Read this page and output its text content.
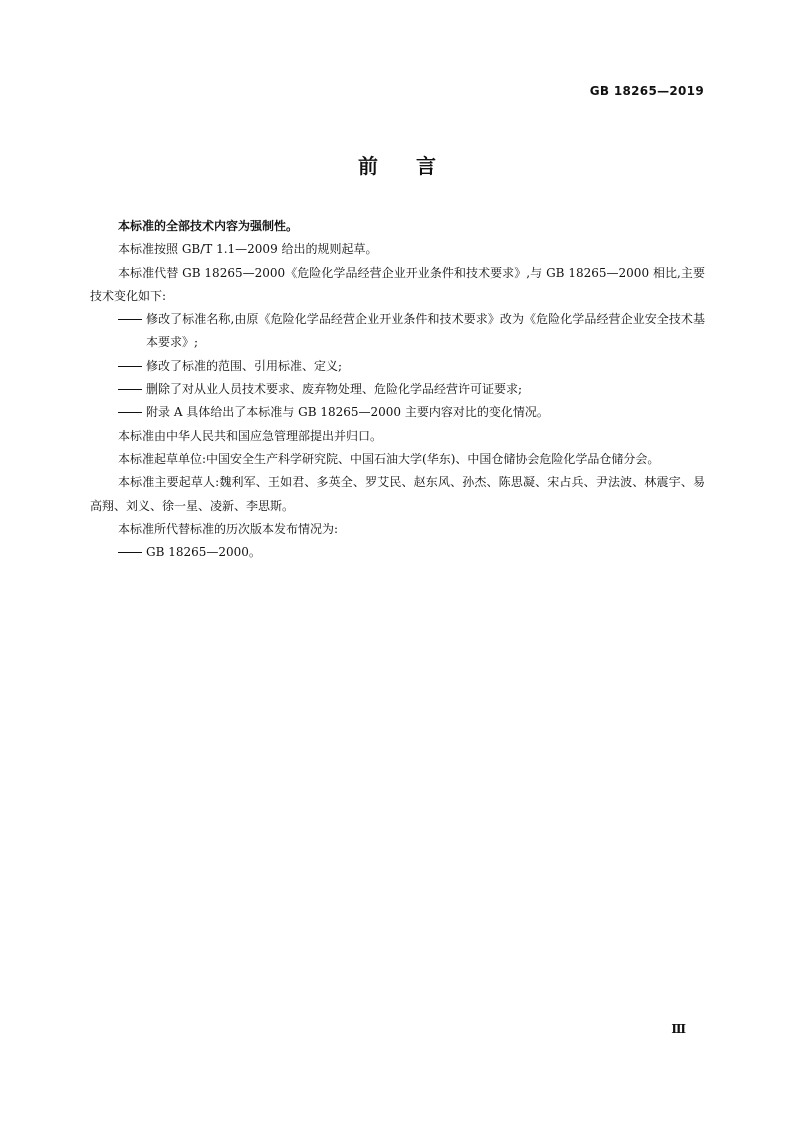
GB 18265—2019
前言

本标准的全部技术内容为强制性。

本标准按照 GB/T 1.1—2009 给出的规则起草。

本标准代替 GB 18265—2000《危险化学品经营企业开业条件和技术要求》,与 GB 18265—2000 相比,主要技术变化如下:

修改了标准名称,由原《危险化学品经营企业开业条件和技术要求》改为《危险化学品经营企业安全技术基本要求》;

修改了标准的范围、引用标准、定义;

删除了对从业人员技术要求、废弃物处理、危险化学品经营许可证要求;

附录 A 具体给出了本标准与 GB 18265—2000 主要内容对比的变化情况。

本标准由中华人民共和国应急管理部提出并归口。

本标准起草单位:中国安全生产科学研究院、中国石油大学(华东)、中国仓储协会危险化学品仓储分会。

本标准主要起草人:魏利军、王如君、多英全、罗艾民、赵东风、孙杰、陈思凝、宋占兵、尹法波、林震宇、易高翔、刘义、徐一星、凌新、李思斯。

本标准所代替标准的历次版本发布情况为:

GB 18265—2000。

Ⅲ
